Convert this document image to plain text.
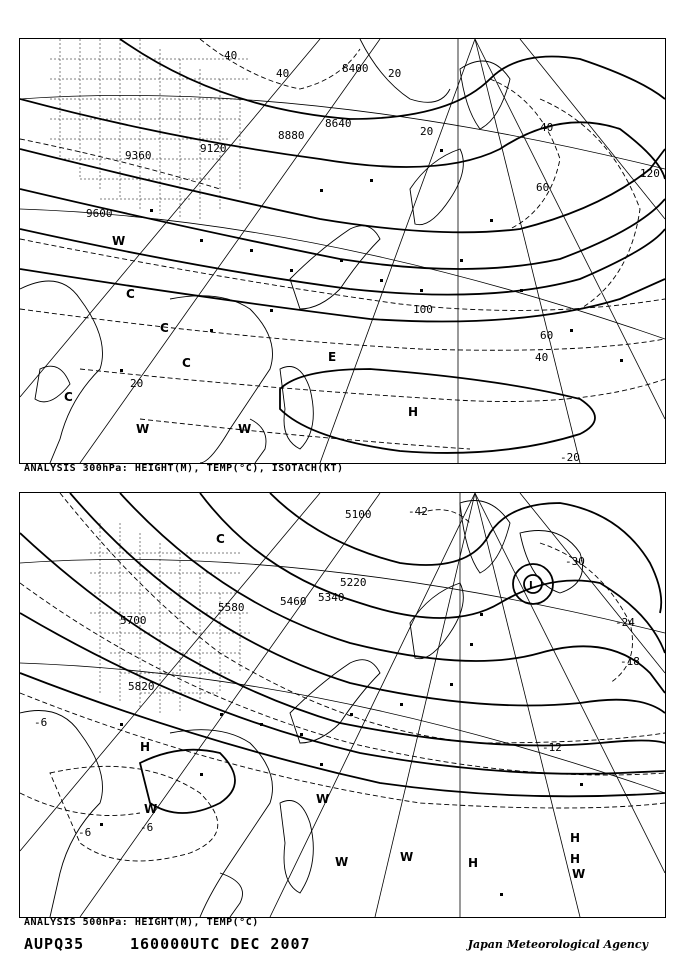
8400
8640
8880
9120
9360
9600
40
40	20
20	40
60
120
100
60
40
20
-20
C
C
C
C
H
W
W	W
E
ANALYSIS 300hPa: HEIGHT(M), TEMP(°C), ISOTACH(KT)
5100
5220
5340
5460
5580
5700
5820
-42
-30
-24
-18
-12
-6
-6	-6
L
H
H
H
H
W
W
W	W
W
C
ANALYSIS 500hPa: HEIGHT(M), TEMP(°C)
AUPQ35	160000UTC DEC 2007	Japan Meteorological Agency
